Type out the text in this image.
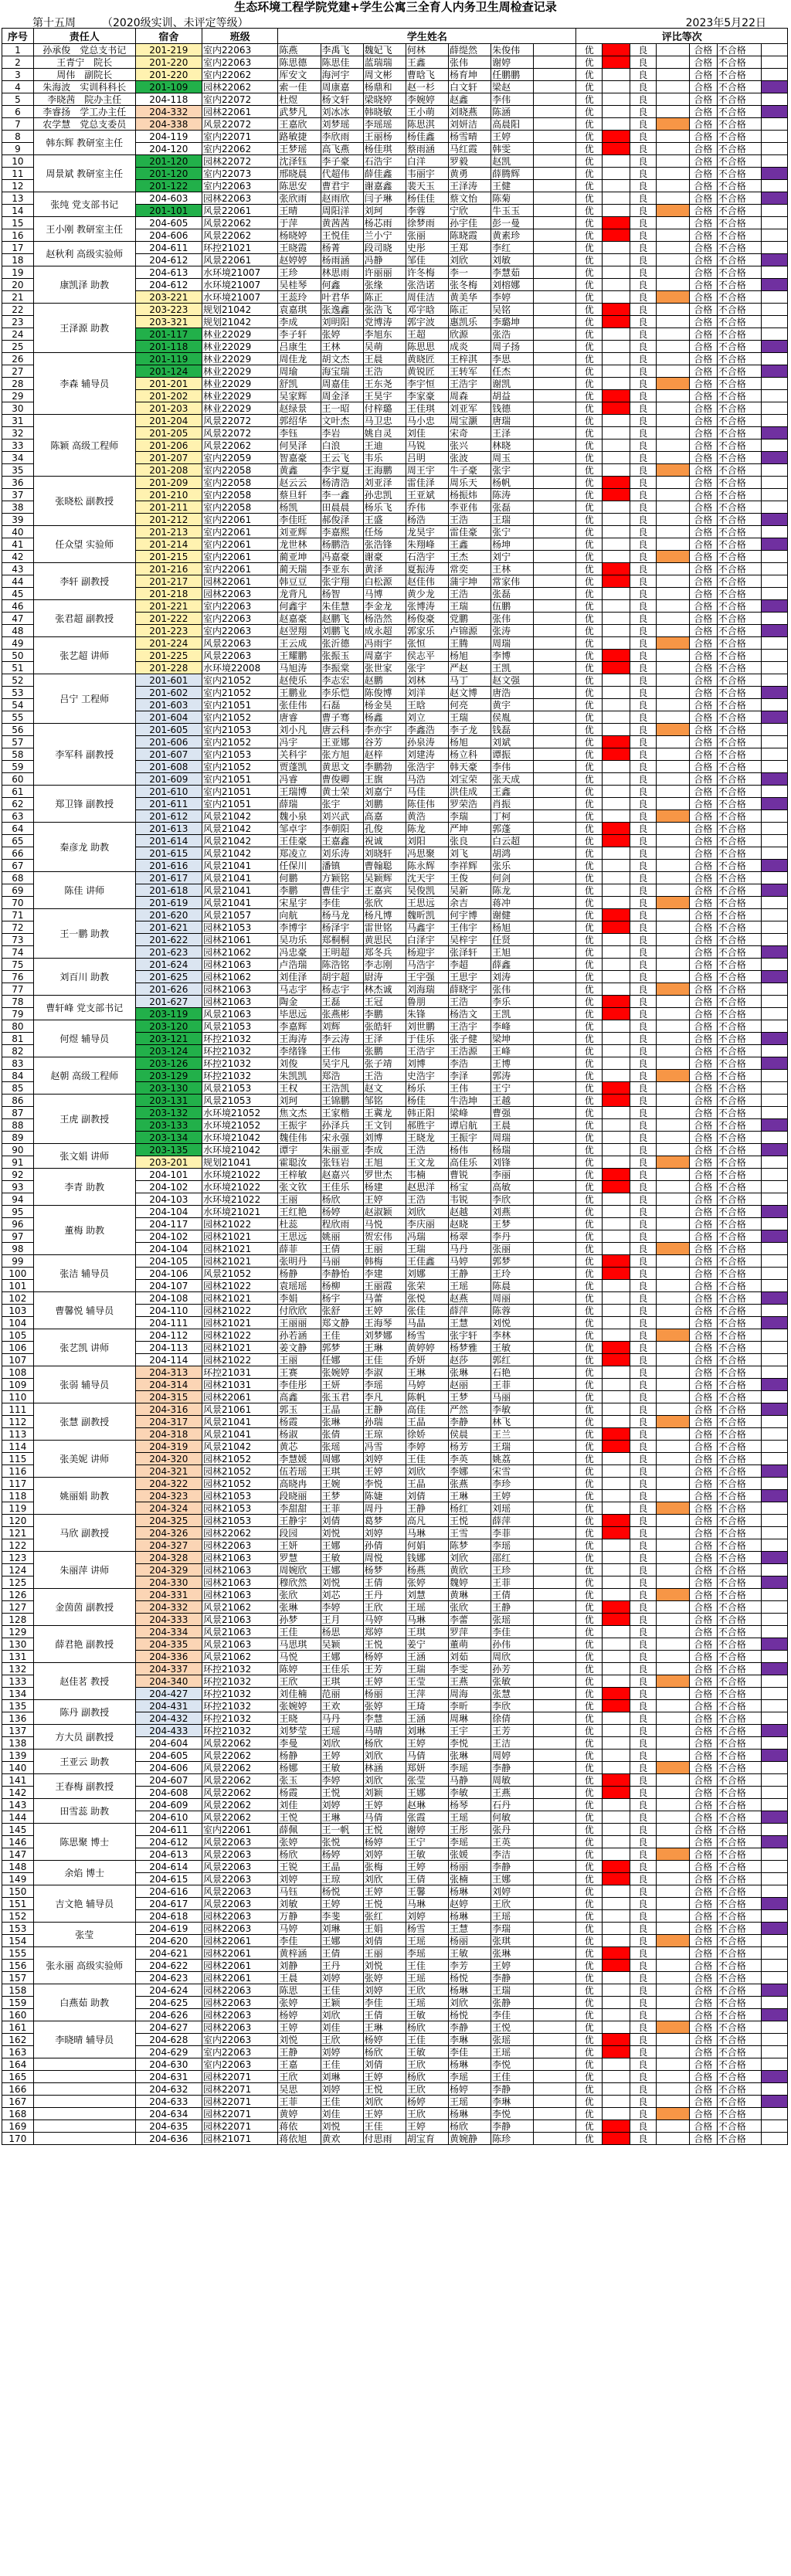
生态环境工程学院党建+学生公寓三全育人内务卫生周检查记录
第十五周 （2020级实训、未评定等级）	2023年5月22日
序号	责任人	宿舍	班级	学生姓名							评比等次						
1	孙承俊　党总支书记	201-219	室内22063	陈燕	李禹飞	魏妃飞	何林	薛缇然	朱俊伟		优		良		合格	不合格	
2	王青宁　院长	201-220	室内22063	陈思德	陈思佳	蓝瑞瑞	王鑫	张伟	谢婷		优		良		合格	不合格	
3	周伟　副院长	201-220	室内22062	厍安文	海河宇	周文彬	曹晗飞	杨育坤	任鹏鹏		优		良		合格	不合格	
4	朱海波　实训科科长	201-109	园林22062	索一佳	周康嘉	杨鼎和	赵一杉	白文轩	梁赵		优		良		合格	不合格	
5	李晓茜　院办主任	204-118	室内22072	杜煜	杨文轩	梁晓婷	李婉婷	赵鑫	李伟		优		良		合格	不合格	
6	李睿扬　学工办主任	204-332	园林22061	武梦凡	刘冰冰	韩晓敏	王小萌	刘晓燕	陈涵		优		良		合格	不合格	
7	农学慧　党总支委员	204-338	风景22072	王嘉欣	刘梦瑶	李瑶瑶	陈思淇	刘妍洁	高晨阳		优		良		合格	不合格	
8	韩东辉 教研室主任	204-119	室内22071	路敏捷	李欣雨	王丽杨	杨佳鑫	杨雪晴	王婷		优		良		合格	不合格	
9		204-120	室内22062	王梦瑶	高飞燕	杨佳琪	蔡雨涵	马红霞	韩雯		优		良		合格	不合格	
10	周景斌 教研室主任	201-120	园林22072	沈泽钰	李子豪	石浩宇	白洋	罗毅	赵凯		优		良		合格	不合格	
11		201-120	室内22073	邢晓晨	代超伟	薛佳鑫	韦丽宇	黄勇	薛腾辉		优		良		合格	不合格	
12		201-122	室内22063	陈思安	曹君宇	谢嘉鑫	裴天玉	王泽涛	王健		优		良		合格	不合格	
13	张纯 党支部书记	204-603	园林22063	张欣雨	赵雨欣	闫子琳	杨佳佳	蔡文怡	陈菊		优		良		合格	不合格	
14		201-101	风景22061	王晴	周阳洋	刘珂	李蓉	宁欣	牛玉玉		优		良		合格	不合格	
15	王小刚 教研室主任	204-605	风景22062	于萍	黄茜茜	杨芯雨	徐梦雨	孙宇佳	彭一曼		优		良		合格	不合格	
16		204-606	风景22062	杨晓婷	王悦佳	兰小宁	张丽	陈晓霞	黄素珍		优		良		合格	不合格	
17	赵秋利 高级实验师	204-611	环控21021	王晓霞	杨菁	段司晓	史彤	王郑	李红		优		良		合格	不合格	
18		204-612	风景22061	赵婷婷	杨雨涵	冯静	邹佳	刘欣	刘敏		优		良		合格	不合格	
19	康凯泽 助教	204-613	水环境21007	王珍	林思雨	许丽丽	许冬梅	李一	李慧茹		优		良		合格	不合格	
20		204-612	水环境21007	吴桂琴	何鑫	张缘	张浩诺	张冬梅	刘榕娜		优		良		合格	不合格	
21		203-221	水环境21007	王蕊玲	叶君华	陈正	周佳洁	黄美华	李婷		优		良		合格	不合格	
22	王泽源 助教	203-223	规划21042	袁嘉琪	张逸鑫	张浩飞	邓宇晗	陈正	吴铭		优		良		合格	不合格	
23		203-321	规划21042	李成	刘明阳	党博涛	郭宇波	惠凯乐	李璐坤		优		良		合格	不合格	
24		201-117	林业22029	李子轩	张婷	李旭东	王超	欣源	张浩		优		良		合格	不合格	
25		201-118	林业22029	吕康生	王林	吴萌	陈思思	成炎	周子扬		优		良		合格	不合格	
26	李森 辅导员	201-119	林业22029	周佳龙	胡文杰	王晨	黄晓匠	王梓淇	李思		优		良		合格	不合格	
27		201-124	林业22029	周瑜	海宝瑞	王浩	黄锐匠	王转军	任杰		优		良		合格	不合格	
28		201-201	林业22029	舒凯	周嘉佳	王东尧	李宇恒	王浩宇	谢凯		优		良		合格	不合格	
29		201-202	林业22029	吴家辉	周金泽	王昊宇	李家豪	周森	胡益		优		良		合格	不合格	
30		201-203	林业22029	赵绿景	王一昭	付梓璐	王佳琪	刘亚军	钱德		优		良		合格	不合格	
31	陈颖 高级工程师	201-204	风景22072	郭绍华	文叶杰	马卫忠	马小忠	周宝灏	唐瑞		优		良		合格	不合格	
32		201-205	风景22072	李钰	李岩	姚自灵	刘佳	宋奇	王泽		优		良		合格	不合格	
33		201-206	风景22062	何昊泽	白浪	王迪	马锐	张兴	林晓		优		良		合格	不合格	
34		201-207	室内22059	智嘉豪	王云飞	韦乐	吕明	张波	周玉		优		良		合格	不合格	
35		201-208	室内22058	黄鑫	李宇夏	王海鹏	周王宇	牛子豪	张宇		优		良		合格	不合格	
36	张晓松 副教授	201-209	室内22058	赵云云	杨清浩	刘亚泽	雷佳泽	周乐天	杨帆		优		良		合格	不合格	
37		201-210	室内22058	蔡旦轩	李一鑫	孙忠凯	王亚斌	杨振炜	陈涛		优		良		合格	不合格	
38		201-211	室内22058	杨凯	田晨晨	杨乐飞	乔伟	李亚伟	张磊		优		良		合格	不合格	
39		201-212	室内22061	李佳旺	郝俊泽	王盛	杨浩	王浩	王瑞		优		良		合格	不合格	
40	任众望 实验师	201-213	室内22061	刘亚辉	李嘉熙	任炀	龙昊宇	雷佳豪	张宁		优		良		合格	不合格	
41		201-214	室内22061	龙世林	杨鹏浩	张浩锋	朱翔峰	王鑫	杨坤		优		良		合格	不合格	
42		201-215	室内22061	蔺亚坤	冯嘉豪	谢豪	石浩宇	王杰	刘宁		优		良		合格	不合格	
43	李轩 副教授	201-216	室内22061	蔺天瑞	李亚东	黄泽	夏振涛	常奕	王林		优		良		合格	不合格	
44		201-217	园林22061	韩豆豆	张宇翔	白松源	赵佳伟	蒲宇坤	常家伟		优		良		合格	不合格	
45		201-218	园林22063	龙背凡	杨智	马博	黄少龙	王浩	张磊		优		良		合格	不合格	
46	张君超 副教授	201-221	室内22063	何鑫宇	朱佳慧	李金龙	张博涛	王瑞	伍鹏		优		良		合格	不合格	
47		201-222	室内22063	赵嘉豪	赵鹏飞	杨浩然	杨俊豪	党鹏	张伟		优		良		合格	不合格	
48		201-223	室内22063	赵翌翔	刘鹏飞	成永超	郭家乐	卢锦源	张涛		优		良		合格	不合格	
49	张艺超 讲师	201-224	风景22063	王云成	张沂德	冯雨宇	张恒	王腾	周瑞		优		良		合格	不合格	
50		201-225	风景22063	王耀鹏	张振玉	周嘉宇	侯志平	杨旭	李博		优		良		合格	不合格	
51		201-228	水环境22008	马旭涛	李振棠	张世家	张宇	严赵	王凯		优		良		合格	不合格	
52	吕宁 工程师	201-601	室内21052	赵使乐	李志宏	赵鹏	刘林	马丁	赵文强		优		良		合格	不合格	
53		201-602	室内21052	王鹏业	李乐恺	陈俊博	刘洋	赵文博	唐浩		优		良		合格	不合格	
54		201-603	室内21051	张佳伟	石磊	杨金昊	王晗	何亮	黄宇		优		良		合格	不合格	
55		201-604	室内21052	唐睿	曹子骞	杨鑫	刘立	王瑞	侯胤		优		良		合格	不合格	
56	李军科 副教授	201-605	室内21053	刘小凡	唐云科	李亦宇	李鑫浩	李子龙	钱磊		优		良		合格	不合格	
57		201-606	室内21052	冯宇	王亚娜	谷芳	孙泉涛	杨旭	刘斌		优		良		合格	不合格	
58		201-607	室内21053	关科宇	张方旭	赵梓	刘建涛	杨立科	谭振		优		良		合格	不合格	
59		201-608	室内21052	贾蓬凯	黄思文	李鹏勃	张浩宇	韩天豪	李伟		优		良		合格	不合格	
60		201-609	室内21051	冯睿	曹俊卿	王旗	马浩	刘宝荣	张天成		优		良		合格	不合格	
61	郑卫锋 副教授	201-610	室内21051	王瑞博	黄士荣	刘嘉宁	马佳	洪佳成	王鑫		优		良		合格	不合格	
62		201-611	室内21051	薛瑞	张宇	刘鹏	陈佳伟	罗荣浩	肖振		优		良		合格	不合格	
63		201-612	风景21042	魏小泉	刘兴武	高嘉	黄浩	李瑞	丁柯		优		良		合格	不合格	
64	秦彦龙 助教	201-613	风景21042	邹卓宇	李朝阳	孔俊	陈龙	严坤	郭蓬		优		良		合格	不合格	
65		201-614	风景21042	王佳豪	王嘉鑫	祝诚	刘阳	张良	白云超		优		良		合格	不合格	
66		201-615	风景21042	郑凌立	刘乐涛	刘晓轩	冯思聚	刘飞	胡鸿		优		良		合格	不合格	
67		201-616	风景21041	任保川	潘镇	曹翰聪	陈永辉	李祥辉	张乐		优		良		合格	不合格	
68	陈佳 讲师	201-617	风景21041	何鹏	方颖铭	吴颖辉	沈天宇	王俊	何剑		优		良		合格	不合格	
69		201-618	风景21041	李鹏	曹佳宇	王嘉宾	吴俊凯	吴新	陈龙		优		良		合格	不合格	
70		201-619	风景21041	宋星宇	李佳	张欣	王思远	余吉	蒋冲		优		良		合格	不合格	
71	王一鹏 助教	201-620	风景21057	向航	杨马龙	杨凡博	魏昕凯	何宇博	谢健		优		良		合格	不合格	
72		201-621	园林21053	李博宇	杨泽宇	雷世铭	马鑫宇	王伟宇	杨旭		优		良		合格	不合格	
73		201-622	园林21061	吴功乐	郑桐桐	黄思民	白泽宇	吴梓宇	任贤		优		良		合格	不合格	
74		201-623	园林21062	冯忠豪	王明超	郑冬兵	杨迎宇	张泽轩	王旭		优		良		合格	不合格	
75	刘百川 助教	201-624	园林21063	卢浩瑞	陈浩铭	李志刚	马浩宇	李超	薛鑫		优		良		合格	不合格	
76		201-625	园林21062	刘佳泽	胡宇超	尉涛	王宇强	王思宇	刘涛		优		良		合格	不合格	
77		201-626	园林21063	马志宇	杨志宇	林杰诚	刘海瑞	薛晓宇	张伟		优		良		合格	不合格	
78	曹轩峰 党支部书记	201-627	园林21063	陶金	王磊	王冠	鲁朋	王浩	李乐		优		良		合格	不合格	
79		203-119	风景21063	毕思远	张燕彬	李鹏	朱锋	杨浩文	王凯		优		良		合格	不合格	
80	何煜 辅导员	203-120	风景21053	李嘉辉	刘辉	张皓轩	刘世鹏	王浩宇	李峰		优		良		合格	不合格	
81		203-121	环控21032	王海涛	李云涛	王泽	于佳乐	张子健	梁坤		优		良		合格	不合格	
82		203-124	环控21032	李绪锋	王伟	张鹏	王浩宇	王浩源	王峰		优		良		合格	不合格	
83	赵朝 高级工程师	203-126	环控21032	刘俊	吴宇凡	张子靖	刘博	李浩	王博		优		良		合格	不合格	
84		203-129	环控21032	朱凯凯	郑浩	王浩	史浩宇	李泽	郭涛		优		良		合格	不合格	
85		203-130	风景21053	王权	王浩凯	赵文	杨乐	王伟	王宁		优		良		合格	不合格	
86	王虎 副教授	203-131	风景21053	刘珂	王锦鹏	邹铭	杨佳	牛浩坤	王越		优		良		合格	不合格	
87		203-132	水环境21052	焦文杰	王家楷	王冀龙	韩正阳	梁峰	曹强		优		良		合格	不合格	
88		203-133	水环境21052	王振宇	孙泽兵	王文钊	郝胜宇	谭启航	王晨		优		良		合格	不合格	
89		203-134	水环境21042	魏佳伟	宋永强	刘博	王晓龙	王振宇	周瑞		优		良		合格	不合格	
90	张文娟 讲师	203-135	水环境21042	谭宇	朱丽亚	李成	王浩	杨伟	杨瑞		优		良		合格	不合格	
91		203-201	规划21041	霍聪汝	张钰岩	王旭	王文龙	高佳乐	刘锋		优		良		合格	不合格	
92	李青 助教	204-101	水环境21022	王梓敏	赵嘉兴	罗世杰	韦楠	曹锐	李丽		优		良		合格	不合格	
93		204-102	水环境21022	张文钦	王佳乐	杨建	赵思洋	杨宝	高敏		优		良		合格	不合格	
94		204-103	水环境21022	王丽	杨欣	王婷	王浩	韦锐	李欣		优		良		合格	不合格	
95	董梅 助教	204-104	水环境21021	王红艳	杨婷	赵淑颖	刘欣	赵越	刘燕		优		良		合格	不合格	
96		204-117	园林21022	杜蕊	程欣雨	马悦	李庆丽	赵晓	王梦		优		良		合格	不合格	
97		204-102	园林21021	王思远	姚丽	贺宏伟	冯瑞	杨翠	李丹		优		良		合格	不合格	
98		204-104	园林21021	薛菲	王倩	王丽	王瑞	马丹	张丽		优		良		合格	不合格	
99	张洁 辅导员	204-105	园林21021	张明丹	马丽	韩梅	王佳鑫	马婷	郭梦		优		良		合格	不合格	
100		204-106	风景21052	杨静	李静怡	李建	刘娜	王静	王玲		优		良		合格	不合格	
101		204-107	园林21022	袁瑶瑶	杨柳	王丽霞	张荣	王瑶	陈晨		优		良		合格	不合格	
102	曹馨悦 辅导员	204-108	园林21021	李娟	杨宇	马蕾	张悦	赵燕	周丽		优		良		合格	不合格	
103		204-110	园林21022	付欣欣	张舒	王婷	张佳	薛萍	陈蓉		优		良		合格	不合格	
104		204-111	园林21021	王丽丽	郑文静	王海琴	马晶	王慧	刘悦		优		良		合格	不合格	
105	张艺凯 讲师	204-112	园林21022	孙若涵	王佳	刘梦娜	杨雪	张宇轩	李林		优		良		合格	不合格	
106		204-113	园林21021	姜文静	郭梦	王琳	黄婷婷	杨梦雅	王敏		优		良		合格	不合格	
107		204-114	园林21022	王丽	任娜	王佳	乔妍	赵莎	郭红		优		良		合格	不合格	
108	张弱 辅导员	204-313	环控21031	王赛	张婉婷	李淑	王琳	张琳	石艳		优		良		合格	不合格	
109		204-314	园林21031	李佳彤	王妍	李瑶	马婷	赵丽	王菲		优		良		合格	不合格	
110		204-315	园林22061	高鑫	张玉君	李凡	陈帆	王梦	马丽		优		良		合格	不合格	
111	张慧 副教授	204-316	风景21061	郭玉	王晶	王静	高佳	严然	李敏		优		良		合格	不合格	
112		204-317	风景21041	杨霞	张琳	孙瑞	王晶	李静	林飞		优		良		合格	不合格	
113		204-318	风景21041	杨淑	张倩	王琼	徐娇	侯晨	王兰		优		良		合格	不合格	
114	张美妮 讲师	204-319	风景21042	黄芯	张瑶	冯雪	李婷	杨芳	王瑞		优		良		合格	不合格	
115		204-320	园林21052	李慧媛	周娜	刘婷	王佳	李英	姚荔		优		良		合格	不合格	
116		204-321	园林21052	伍若瑶	王琪	王婷	刘欣	李娜	宋雪		优		良		合格	不合格	
117	姚丽娟 助教	204-322	园林21052	高晓冉	王婉	李悦	王晶	张燕	李珍		优		良		合格	不合格	
118		204-323	园林21053	段晓丽	王梦	陈婕	刘倩	王琳	王婷		优		良		合格	不合格	
119		204-324	园林21053	李甜甜	王菲	周丹	王静	杨红	刘瑶		优		良		合格	不合格	
120	马欣 副教授	204-325	园林21053	王静宇	刘倩	葛梦	高凡	王悦	薛萍		优		良		合格	不合格	
121		204-326	园林22062	段园	刘悦	刘婷	马琳	王雪	李菲		优		良		合格	不合格	
122		204-327	园林22063	王妍	王娜	孙倩	何娟	陈梦	李瑶		优		良		合格	不合格	
123	朱丽萍 讲师	204-328	园林21063	罗慧	王敏	周悦	钱娜	刘欣	邵红		优		良		合格	不合格	
124		204-329	园林21063	周婉欣	王娜	杨梦	杨燕	黄欣	王珍		优		良		合格	不合格	
125		204-330	园林21063	穆欣然	刘悦	王倩	张婷	魏婷	王菲		优		良		合格	不合格	
126	金茵茵 副教授	204-331	园林21063	张欣	刘芯	王丹	刘慧	黄琳	王倩		优		良		合格	不合格	
127		204-332	风景21062	张琳	李婷	王欣	王瑶	张欣	王静		优		良		合格	不合格	
128		204-333	风景21063	孙梦	王月	马婷	马琳	李蕾	张瑶		优		良		合格	不合格	
129	薛君艳 副教授	204-334	风景21063	王佳	杨思	郑婷	王琪	罗萍	李佳		优		良		合格	不合格	
130		204-335	风景21063	马思琪	吴颖	王悦	姜宁	董萌	孙伟		优		良		合格	不合格	
131		204-336	风景21062	马悦	王娜	杨婷	王涵	刘茹	周欣		优		良		合格	不合格	
132	赵佳茗 教授	204-337	环控21032	陈婷	王佳乐	王芳	王瑞	李雯	孙芳		优		良		合格	不合格	
133		204-340	环控21032	王欣	王琪	王婷	王莹	王燕	张敏		优		良		合格	不合格	
134		204-427	环控21032	刘佳楠	范丽	杨丽	王萍	周海	张慧		优		良		合格	不合格	
135	陈丹 副教授	204-431	环控21032	张婉婷	王欢	张婷	王琦	李昕	李欣		优		良		合格	不合格	
136		204-432	环控21032	王晓	马丹	李慧	王涵	周琳	徐倩		优		良		合格	不合格	
137	方大员 副教授	204-433	环控21032	刘梦莹	王瑶	马晴	刘琳	王宇	王芳		优		良		合格	不合格	
138		204-604	风景22062	李曼	刘欣	杨欣	王婷	李悦	王洁		优		良		合格	不合格	
139	王亚云 助教	204-605	风景22062	杨静	王婷	刘欣	马倩	张琳	周婷		优		良		合格	不合格	
140		204-606	风景22062	杨娜	王敏	林涵	郑妍	李瑶	李静		优		良		合格	不合格	
141	王春梅 副教授	204-607	风景22062	张玉	李婷	刘欣	张莹	马静	周敏		优		良		合格	不合格	
142		204-608	风景22062	杨霞	王悦	刘颖	王娜	李敏	王燕		优		良		合格	不合格	
143	田雪蕊 助教	204-609	风景22062	刘佳	刘婷	王婷	赵琳	杨琴	石丹		优		良		合格	不合格	
144		204-610	风景22062	王悦	王琳	马倩	张霞	王瑶	何敏		优		良		合格	不合格	
145	陈思聚 博士	204-611	室内22061	薛佩	王一帆	王悦	谢婷	王彤	张丹		优		良		合格	不合格	
146		204-612	风景22063	张婷	张悦	杨婷	王宁	李瑶	王英		优		良		合格	不合格	
147		204-613	风景22063	杨欣	杨婷	刘婷	王敏	张媛	李洁		优		良		合格	不合格	
148	余焰 博士	204-614	风景22063	王锐	王晶	张梅	王婷	杨丽	李静		优		良		合格	不合格	
149		204-615	风景22063	刘婷	王琼	刘欣	王倩	张楠	王娜		优		良		合格	不合格	
150	吉文艳 辅导员	204-616	风景22063	马钰	杨悦	王婷	王馨	杨琳	刘婷		优		良		合格	不合格	
151		204-617	风景22063	刘敏	王婷	王悦	马琳	赵婷	王欣		优		良		合格	不合格	
152		204-618	园林22063	万静	李斐	张红	刘婷	杨琳	王瑶		优		良		合格	不合格	
153	张莹	204-619	园林22063	马婷	刘琳	王娟	杨雪	王慧	李瑞		优		良		合格	不合格	
154		204-620	园林22061	李佳	王娜	刘倩	王瑶	杨丽	张琪		优		良		合格	不合格	
155	张永丽 高级实验师	204-621	园林22061	黄梓涵	王倩	王丽	李瑶	王敏	张琳		优		良		合格	不合格	
156		204-622	园林22061	刘静	王丹	刘悦	王佳	李芳	王婷		优		良		合格	不合格	
157		204-623	园林22061	王晨	刘婷	张婷	王瑶	杨悦	李静		优		良		合格	不合格	
158	白燕茹 助教	204-624	园林22063	陈思	王佳	刘婷	王欣	杨琳	王瑞		优		良		合格	不合格	
159		204-625	园林22063	张婷	王颖	李佳	王瑶	刘欣	张静		优		良		合格	不合格	
160		204-626	园林22063	杨婷	刘欣	王倩	王敏	杨悦	李佳		优		良		合格	不合格	
161	李晓晴 辅导员	204-627	园林22063	王婷	刘佳	王琳	杨欣	李静	王悦		优		良		合格	不合格	
162		204-628	室内22063	刘悦	王欣	杨婷	王佳	李琳	张瑶		优		良		合格	不合格	
163		204-629	室内22063	王静	刘婷	杨欣	王敏	李佳	王瑶		优		良		合格	不合格	
164		204-630	室内22063	王嘉	王佳	刘倩	王欣	杨琳	李悦		优		良		合格	不合格	
165		204-631	园林22071	王欣	刘琳	王婷	杨欣	李瑶	王佳		优		良		合格	不合格	
166		204-632	园林22071	吴思	刘婷	王悦	王欣	杨婷	李静		优		良		合格	不合格	
167		204-633	园林22071	王菲	王佳	刘欣	杨婷	王瑶	李琳		优		良		合格	不合格	
168		204-634	园林22071	黄婷	刘佳	王婷	王欣	杨琳	李悦		优		良		合格	不合格	
169		204-635	园林22071	蒋依	刘悦	王佳	王婷	杨欣	李静		优		良		合格	不合格	
170		204-636	园林21071	蒋依旭	黄欢	付思雨	胡宝育	黄婉静	陈珍		优		良		合格	不合格	
